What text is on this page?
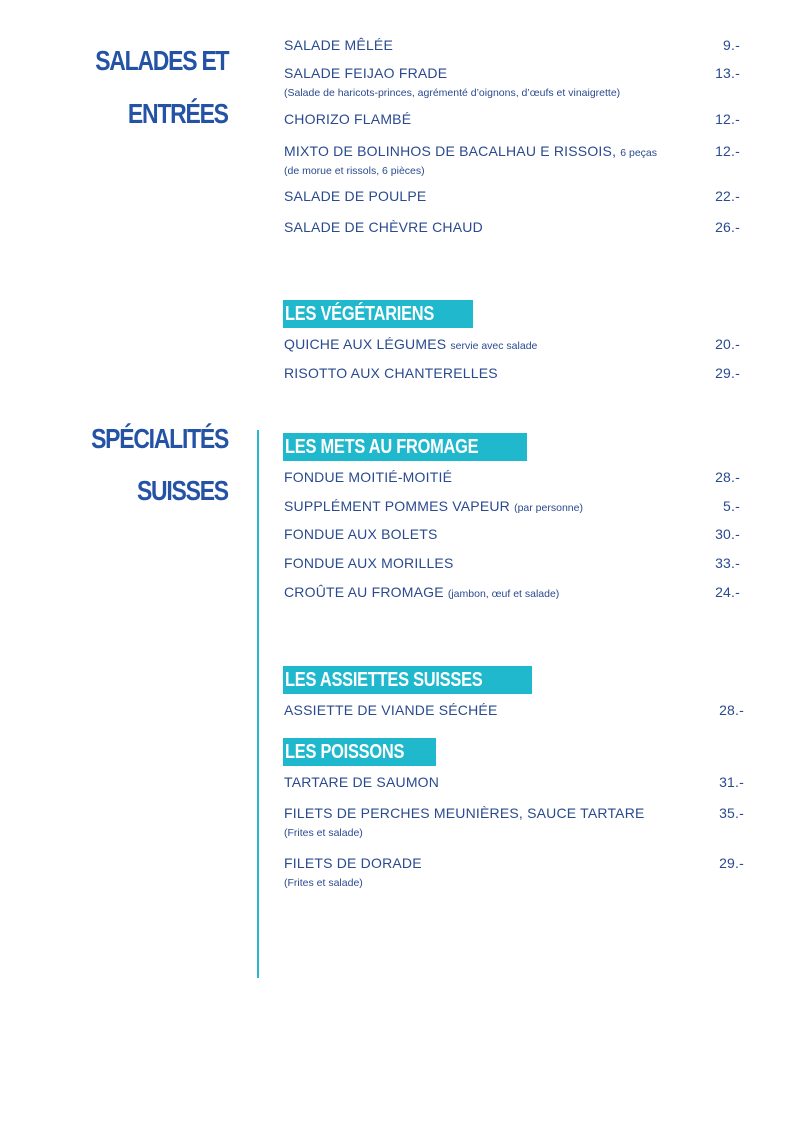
SALADES ET
ENTRÉES
SPÉCIALITÉS
SUISSES
SALADE MÊLÉE	9.-
SALADE FEIJAO FRADE	13.-
(Salade de haricots-princes, agrémenté d’oignons, d’œufs et vinaigrette)
CHORIZO FLAMBÉ	12.-
MIXTO DE BOLINHOS DE BACALHAU E RISSOIS, 6 peças	12.-
(de morue et rissols, 6 pièces)
SALADE DE POULPE	22.-
SALADE DE CHÈVRE CHAUD	26.-
LES VÉGÉTARIENS
QUICHE AUX LÉGUMES servie avec salade	20.-
RISOTTO AUX CHANTERELLES	29.-
LES METS AU FROMAGE
FONDUE MOITIÉ-MOITIÉ	28.-
SUPPLÉMENT POMMES VAPEUR (par personne)	5.-
FONDUE AUX BOLETS	30.-
FONDUE AUX MORILLES	33.-
CROÛTE AU FROMAGE (jambon, œuf et salade)	24.-
LES ASSIETTES SUISSES
ASSIETTE DE VIANDE SÉCHÉE	28.-
LES POISSONS
TARTARE DE SAUMON	31.-
FILETS DE PERCHES MEUNIÈRES, SAUCE TARTARE	35.-
(Frites et salade)
FILETS DE DORADE	29.-
(Frites et salade)
